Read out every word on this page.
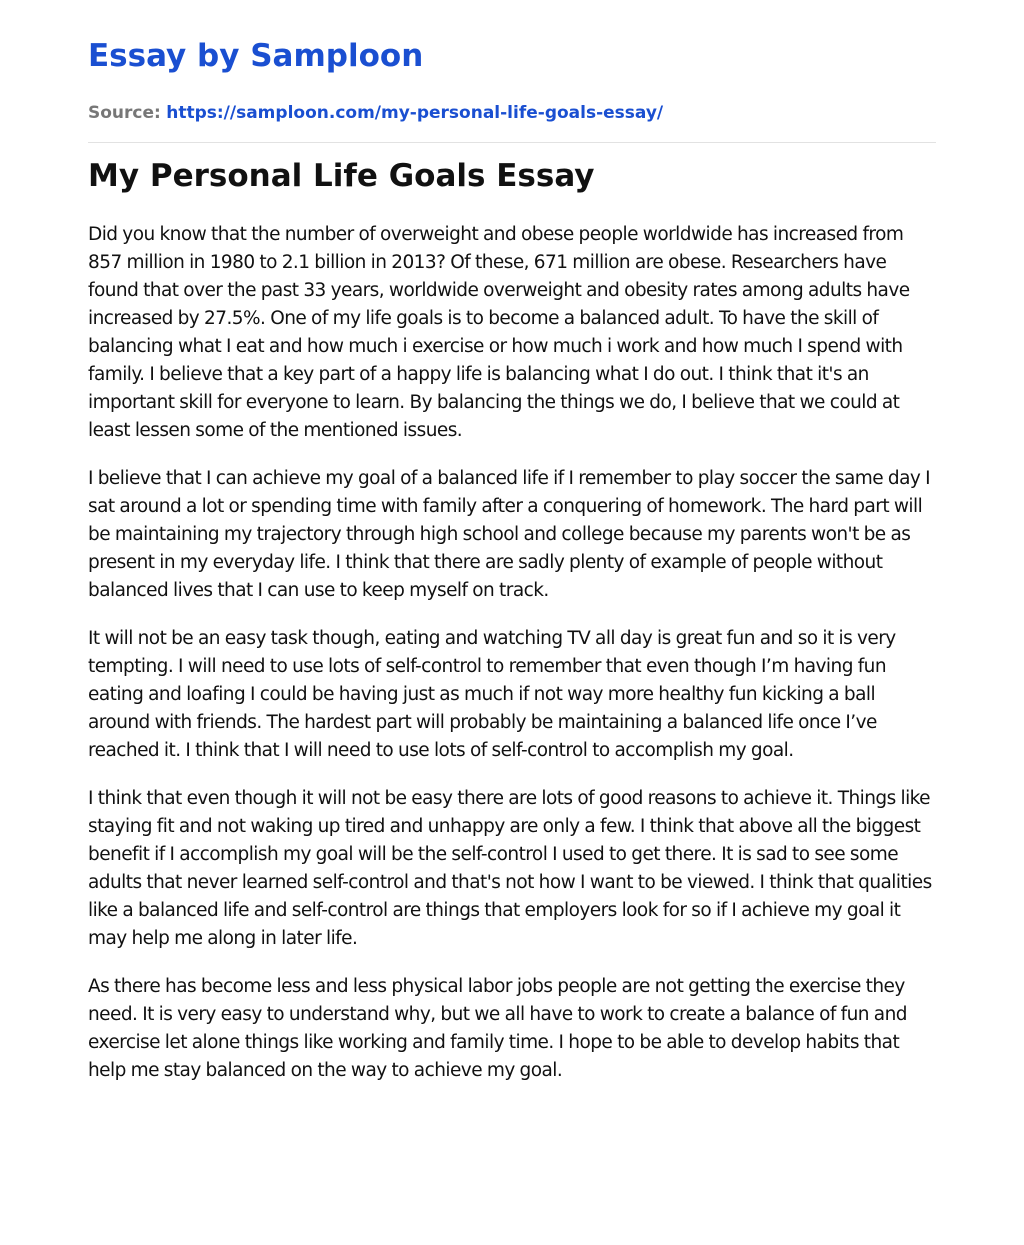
Essay by Samploon
Source: https://samploon.com/my-personal-life-goals-essay/
My Personal Life Goals Essay

Did you know that the number of overweight and obese people worldwide has increased from 857 million in 1980 to 2.1 billion in 2013? Of these, 671 million are obese. Researchers have found that over the past 33 years, worldwide overweight and obesity rates among adults have increased by 27.5%. One of my life goals is to become a balanced adult. To have the skill of balancing what I eat and how much i exercise or how much i work and how much I spend with family. I believe that a key part of a happy life is balancing what I do out. I think that it's an important skill for everyone to learn. By balancing the things we do, I believe that we could at least lessen some of the mentioned issues.

I believe that I can achieve my goal of a balanced life if I remember to play soccer the same day I sat around a lot or spending time with family after a conquering of homework. The hard part will be maintaining my trajectory through high school and college because my parents won't be as present in my everyday life. I think that there are sadly plenty of example of people without balanced lives that I can use to keep myself on track.

It will not be an easy task though, eating and watching TV all day is great fun and so it is very tempting. I will need to use lots of self-control to remember that even though I’m having fun eating and loafing I could be having just as much if not way more healthy fun kicking a ball around with friends. The hardest part will probably be maintaining a balanced life once I’ve reached it. I think that I will need to use lots of self-control to accomplish my goal.

I think that even though it will not be easy there are lots of good reasons to achieve it. Things like staying fit and not waking up tired and unhappy are only a few. I think that above all the biggest benefit if I accomplish my goal will be the self-control I used to get there. It is sad to see some adults that never learned self-control and that's not how I want to be viewed. I think that qualities like a balanced life and self-control are things that employers look for so if I achieve my goal it may help me along in later life.

As there has become less and less physical labor jobs people are not getting the exercise they need. It is very easy to understand why, but we all have to work to create a balance of fun and exercise let alone things like working and family time. I hope to be able to develop habits that help me stay balanced on the way to achieve my goal.
